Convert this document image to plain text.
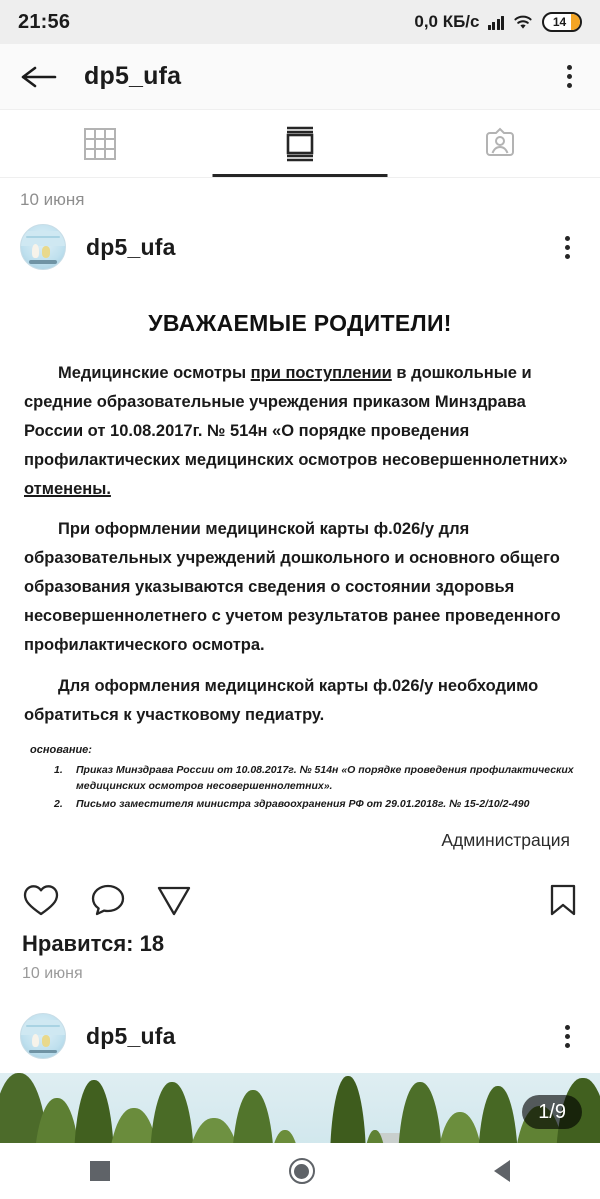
21:56	0,0 КБ/с	14
dp5_ufa
10 июня
dp5_ufa
УВАЖАЕМЫЕ РОДИТЕЛИ!

Медицинские осмотры при поступлении в дошкольные и средние образовательные учреждения приказом Минздрава России от 10.08.2017г. № 514н «О порядке проведения профилактических медицинских осмотров несовершеннолетних» отменены.

При оформлении медицинской карты ф.026/у для образовательных учреждений дошкольного и основного общего образования указываются сведения о состоянии здоровья несовершеннолетнего с учетом результатов ранее проведенного профилактического осмотра.

Для оформления медицинской карты ф.026/у необходимо обратиться к участковому педиатру.

основание:
1. Приказ Минздрава России от 10.08.2017г. № 514н «О порядке проведения профилактических медицинских осмотров несовершеннолетних».
2. Письмо заместителя министра здравоохранения РФ от 29.01.2018г. № 15-2/10/2-490
Администрация
Нравится: 18
10 июня
dp5_ufa
1/9
